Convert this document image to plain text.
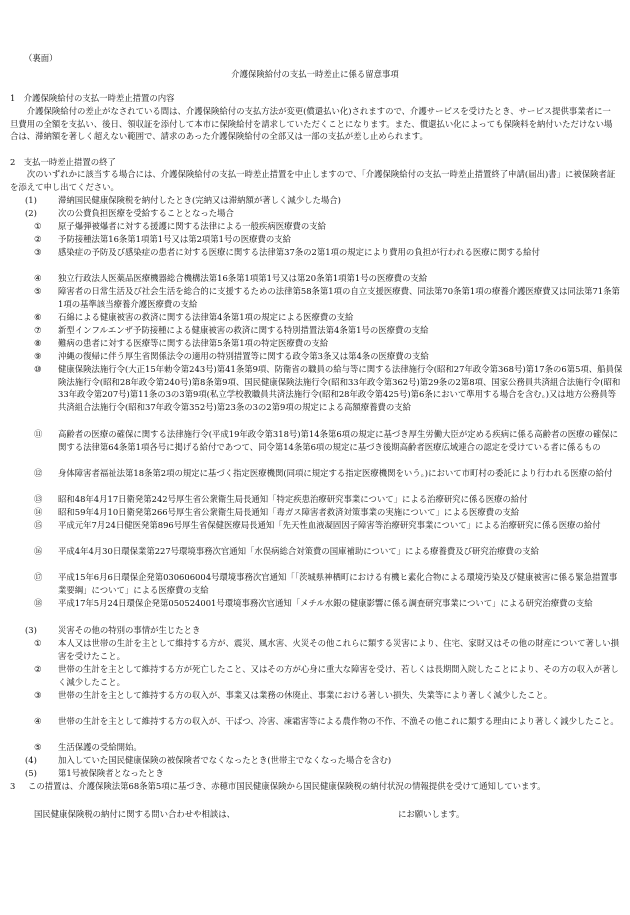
（裏面）
介護保険給付の支払一時差止に係る留意事項
1　介護保険給付の支払一時差止措置の内容
介護保険給付の差止がなされている間は、介護保険給付の支払方法が変更(償還払い化)されますので、介護サービスを受けたとき、サービス提供事業者に一旦費用の全額を支払い、後日、領収証を添付して本市に保険給付を請求していただくことになります。また、償還払い化によっても保険料を納付いただけない場合は、滞納額を著しく超えない範囲で、請求のあった介護保険給付の全部又は一部の支払が差し止められます。
2　支払一時差止措置の終了
次のいずれかに該当する場合には、介護保険給付の支払一時差止措置を中止しますので、「介護保険給付の支払一時差止措置終了申請(届出)書」に被保険者証を添えて申し出てください。
(1)	滞納国民健康保険税を納付したとき(完納又は滞納額が著しく減少した場合)
(2)	次の公費負担医療を受給することとなった場合
① 原子爆弾被爆者に対する援護に関する法律による一般疾病医療費の支給
② 予防接種法第16条第1項第1号又は第2項第1号の医療費の支給
③ 感染症の予防及び感染症の患者に対する医療に関する法律第37条の2第1項の規定により費用の負担が行われる医療に関する給付
④ 独立行政法人医薬品医療機器総合機構法第16条第1項第1号又は第20条第1項第1号の医療費の支給
⑤ 障害者の日常生活及び社会生活を総合的に支援するための法律第58条第1項の自立支援医療費、同法第70条第1項の療養介護医療費又は同法第71条第1項の基準該当療養介護医療費の支給
⑥ 石綿による健康被害の救済に関する法律第4条第1項の規定による医療費の支給
⑦ 新型インフルエンザ予防接種による健康被害の救済に関する特別措置法第4条第1号の医療費の支給
⑧ 難病の患者に対する医療等に関する法律第5条第1項の特定医療費の支給
⑨ 沖縄の復帰に伴う厚生省関係法令の適用の特別措置等に関する政令第3条又は第4条の医療費の支給
⑩ 健康保険法施行令(大正15年勅令第243号)第41条第9項、防衛省の職員の給与等に関する法律施行令(昭和27年政令第368号)第17条の6第5項、船員保険法施行令(昭和28年政令第240号)第8条第9項、国民健康保険法施行令(昭和33年政令第362号)第29条の2第8項、国家公務員共済組合法施行令(昭和33年政令第207号)第11条の3の3第9項(私立学校教職員共済法施行令(昭和28年政令第425号)第6条において準用する場合を含む。)又は地方公務員等共済組合法施行令(昭和37年政令第352号)第23条の3の2第9項の規定による高額療養費の支給
⑪ 高齢者の医療の確保に関する法律施行令(平成19年政令第318号)第14条第6項の規定に基づき厚生労働大臣が定める疾病に係る高齢者の医療の確保に関する法律第64条第1項各号に掲げる給付であつて、同令第14条第6項の規定に基づき後期高齢者医療広域連合の認定を受けている者に係るもの
⑫ 身体障害者福祉法第18条第2項の規定に基づく指定医療機関(同項に規定する指定医療機関をいう。)において市町村の委託により行われる医療の給付
⑬ 昭和48年4月17日衛発第242号厚生省公衆衛生局長通知「特定疾患治療研究事業について」による治療研究に係る医療の給付
⑭ 昭和59年4月10日衛発第266号厚生省公衆衛生局長通知「毒ガス障害者救済対策事業の実施について」による医療費の支給
⑮ 平成元年7月24日健医発第896号厚生省保健医療局長通知「先天性血液凝固因子障害等治療研究事業について」による治療研究に係る医療の給付
⑯ 平成4年4月30日環保業第227号環境事務次官通知「水俣病総合対策費の国庫補助について」による療養費及び研究治療費の支給
⑰ 平成15年6月6日環保企発第030606004号環境事務次官通知「「茨城県神栖町における有機ヒ素化合物による環境汚染及び健康被害に係る緊急措置事業要綱」について」による医療費の支給
⑱ 平成17年5月24日環保企発第050524001号環境事務次官通知「メチル水銀の健康影響に係る調査研究事業について」による研究治療費の支給
(3)	災害その他の特別の事情が生じたとき
① 本人又は世帯の生計を主として維持する方が、震災、風水害、火災その他これらに類する災害により、住宅、家財又はその他の財産について著しい損害を受けたこと。
② 世帯の生計を主として維持する方が死亡したこと、又はその方が心身に重大な障害を受け、若しくは長期間入院したことにより、その方の収入が著しく減少したこと。
③ 世帯の生計を主として維持する方の収入が、事業又は業務の休廃止、事業における著しい損失、失業等により著しく減少したこと。
④ 世帯の生計を主として維持する方の収入が、干ばつ、冷害、凍霜害等による農作物の不作、不漁その他これに類する理由により著しく減少したこと。
⑤ 生活保護の受給開始。
(4)	加入していた国民健康保険の被保険者でなくなったとき(世帯主でなくなった場合を含む)
(5)	第1号被保険者となったとき
3 この措置は、介護保険法第68条第5項に基づき、赤穂市国民健康保険から国民健康保険税の納付状況の情報提供を受けて通知しています。
国民健康保険税の納付に関する問い合わせや相談は、	にお願いします。
